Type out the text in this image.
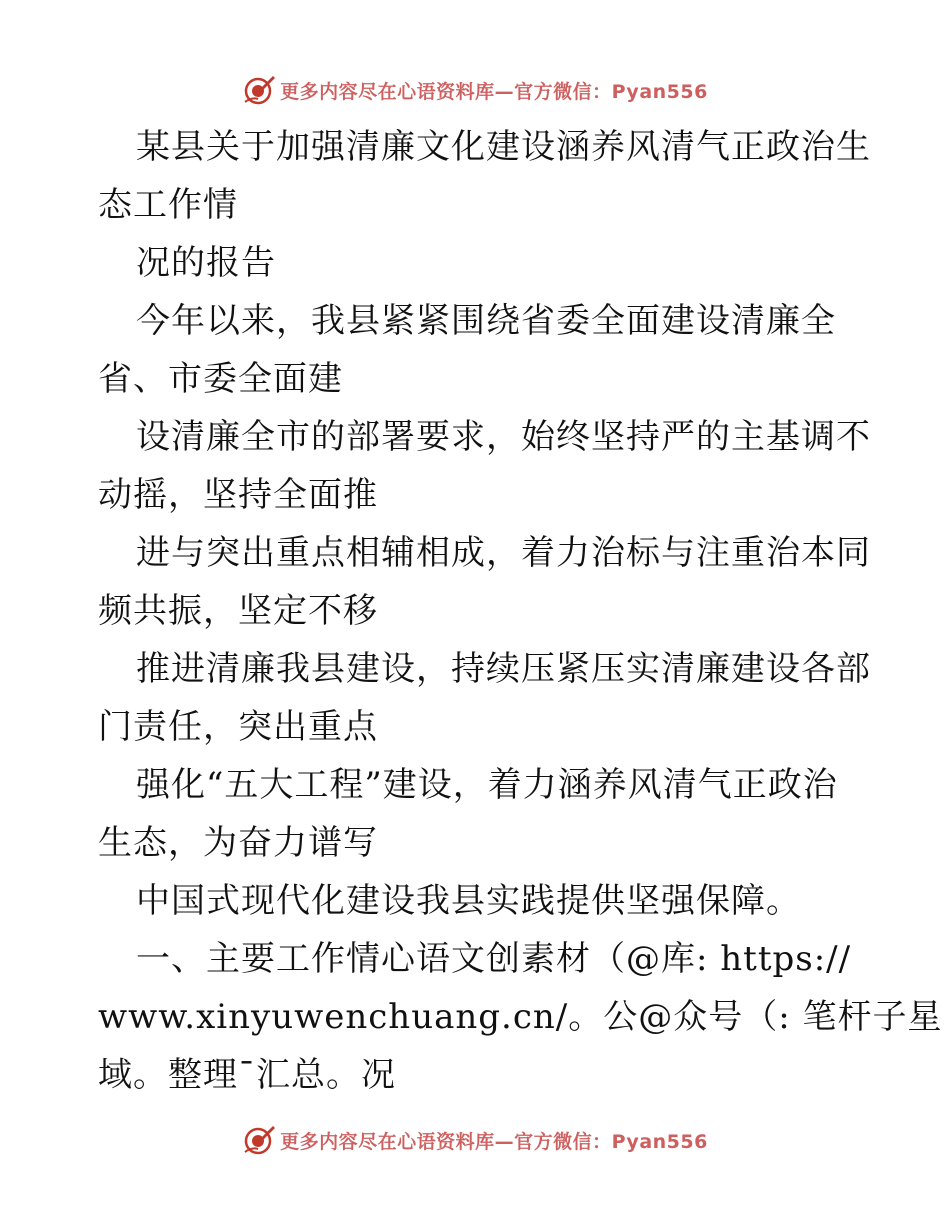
更多内容尽在心语资料库—官方微信：Pyan556
某县关于加强清廉文化建设涵养风清气正政治生
态工作情
况的报告
今年以来，我县紧紧围绕省委全面建设清廉全
省、市委全面建
设清廉全市的部署要求，始终坚持严的主基调不
动摇，坚持全面推
进与突出重点相辅相成，着力治标与注重治本同
频共振，坚定不移
推进清廉我县建设，持续压紧压实清廉建设各部
门责任，突出重点
强化“五大工程”建设，着力涵养风清气正政治
生态，为奋力谱写
中国式现代化建设我县实践提供坚强保障。
一、主要工作情心语文创素材（@库: https://
www.xinyuwenchuang.cn/。公@众号（: 笔杆子星
域。整理¯汇总。况
更多内容尽在心语资料库—官方微信：Pyan556
